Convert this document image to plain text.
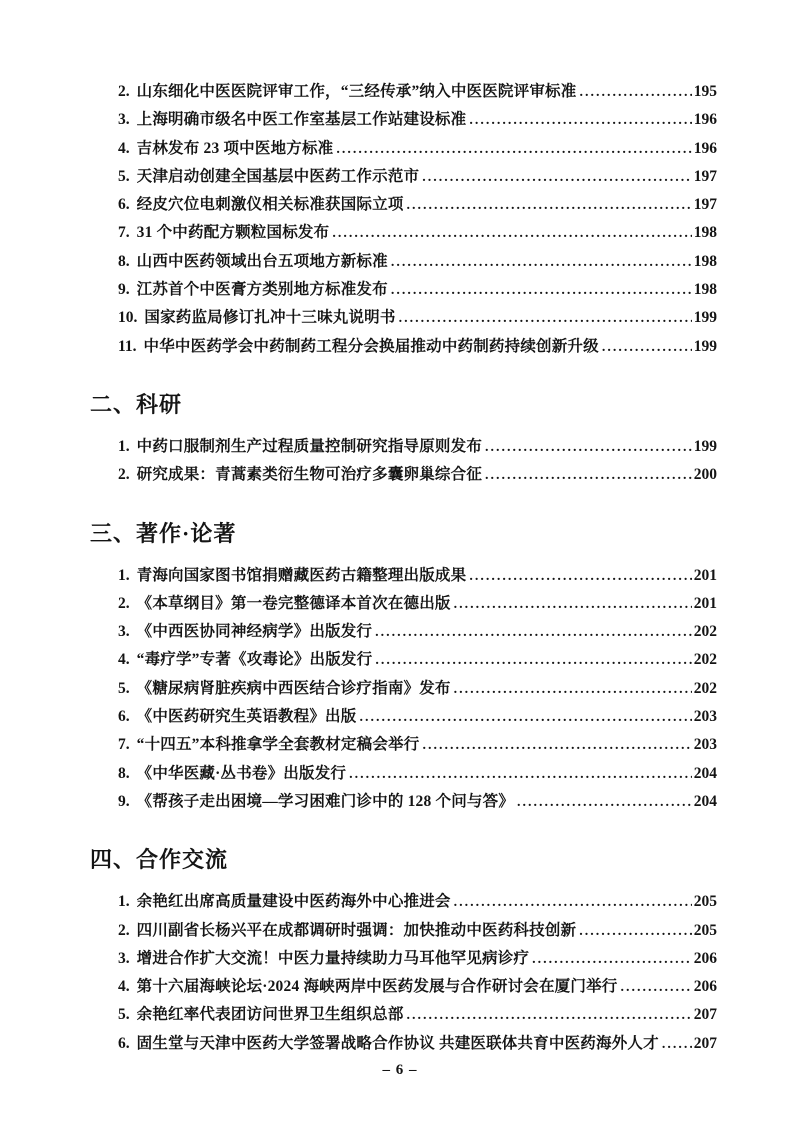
2. 山东细化中医医院评审工作，“三经传承”纳入中医医院评审标准 .....	195
3. 上海明确市级名中医工作室基层工作站建设标准 .....	196
4. 吉林发布 23 项中医地方标准 .....	196
5. 天津启动创建全国基层中医药工作示范市 .....	197
6. 经皮穴位电刺激仪相关标准获国际立项 .....	197
7. 31 个中药配方颗粒国标发布 .....	198
8. 山西中医药领域出台五项地方新标准 .....	198
9. 江苏首个中医膏方类别地方标准发布 .....	198
10. 国家药监局修订扎冲十三味丸说明书 .....	199
11. 中华中医药学会中药制药工程分会换届推动中药制药持续创新升级 .....	199
二、科研
1. 中药口服制剂生产过程质量控制研究指导原则发布 .....	199
2. 研究成果：青蒿素类衍生物可治疗多囊卵巢综合征 .....	200
三、著作·论著
1. 青海向国家图书馆捐赠藏医药古籍整理出版成果 .....	201
2. 《本草纲目》第一卷完整德译本首次在德出版 .....	201
3. 《中西医协同神经病学》出版发行 .....	202
4. “毒疗学”专著《攻毒论》出版发行 .....	202
5. 《糖尿病肾脏疾病中西医结合诊疗指南》发布 .....	202
6. 《中医药研究生英语教程》出版 .....	203
7. “十四五”本科推拿学全套教材定稿会举行 .....	203
8. 《中华医藏·丛书卷》出版发行 .....	204
9. 《帮孩子走出困境—学习困难门诊中的 128 个问与答》 .....	204
四、合作交流
1. 余艳红出席高质量建设中医药海外中心推进会 .....	205
2. 四川副省长杨兴平在成都调研时强调：加快推动中医药科技创新 .....	205
3. 增进合作扩大交流！中医力量持续助力马耳他罕见病诊疗 .....	206
4. 第十六届海峡论坛·2024 海峡两岸中医药发展与合作研讨会在厦门举行 .....	206
5. 余艳红率代表团访问世界卫生组织总部 .....	207
6. 固生堂与天津中医药大学签署战略合作协议 共建医联体共育中医药海外人才 ..... 207
– 6 –
